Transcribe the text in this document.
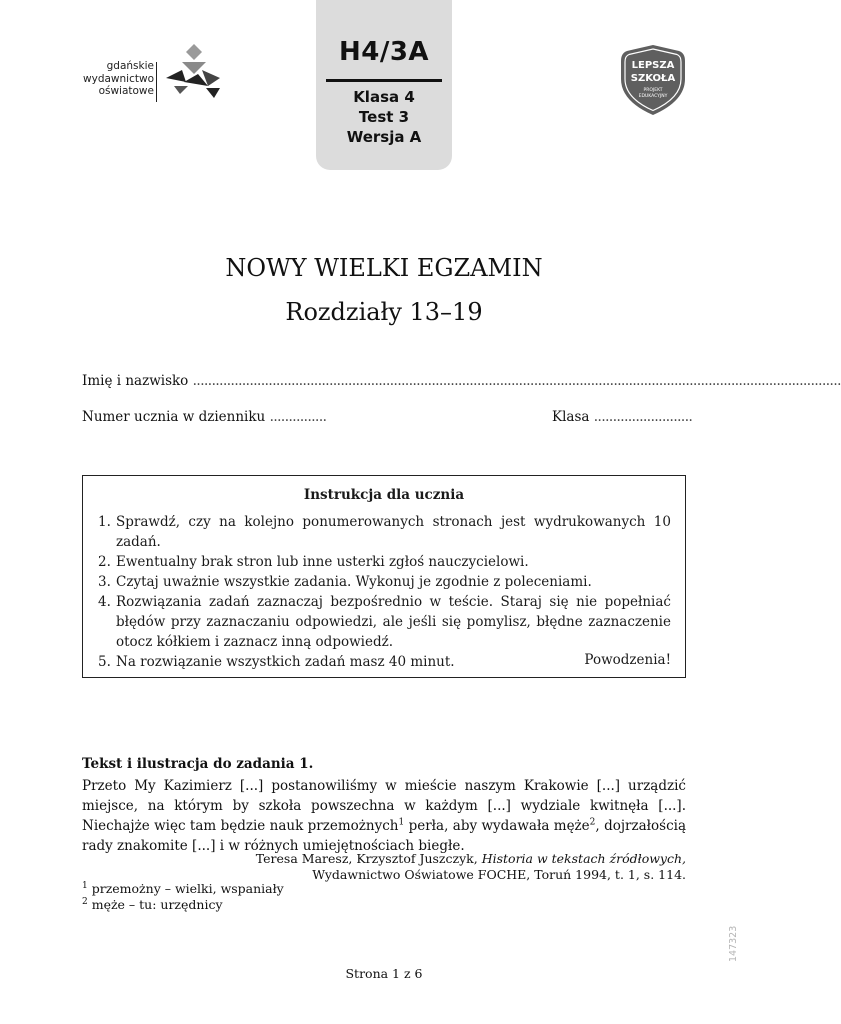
gdańskie
wydawnictwo
oświatowe
H4/3A
Klasa 4
Test 3
Wersja A
LEPSZA
SZKOŁA
PROJEKT
EDUKACYJNY
NOWY WIELKI EGZAMIN
Rozdziały 13–19
Imię i nazwisko ...........................................................................................................................................................................
Numer ucznia w dzienniku ...............	Klasa ..........................
Instrukcja dla ucznia
1. Sprawdź, czy na kolejno ponumerowanych stronach jest wydrukowanych 10 zadań.
2. Ewentualny brak stron lub inne usterki zgłoś nauczycielowi.
3. Czytaj uważnie wszystkie zadania. Wykonuj je zgodnie z poleceniami.
4. Rozwiązania zadań zaznaczaj bezpośrednio w teście. Staraj się nie popełniać błędów przy zaznaczaniu odpowiedzi, ale jeśli się pomylisz, błędne zaznaczenie otocz kółkiem i zaznacz inną odpowiedź.
5. Na rozwiązanie wszystkich zadań masz 40 minut.	Powodzenia!
Tekst i ilustracja do zadania 1.
Przeto My Kazimierz [...] postanowiliśmy w mieście naszym Krakowie [...] urządzić miejsce, na którym by szkoła powszechna w każdym [...] wydziale kwitnęła [...]. Niechajże więc tam będzie nauk przemożnych$^1$ perła, aby wydawała męże$^2$, dojrzałością rady znakomite [...] i w różnych umiejętnościach biegłe.
Teresa Maresz, Krzysztof Juszczyk, Historia w tekstach źródłowych,
Wydawnictwo Oświatowe FOCHE, Toruń 1994, t. 1, s. 114.
$^1$ przemożny – wielki, wspaniały
$^2$ męże – tu: urzędnicy
147323
Strona 1 z 6
